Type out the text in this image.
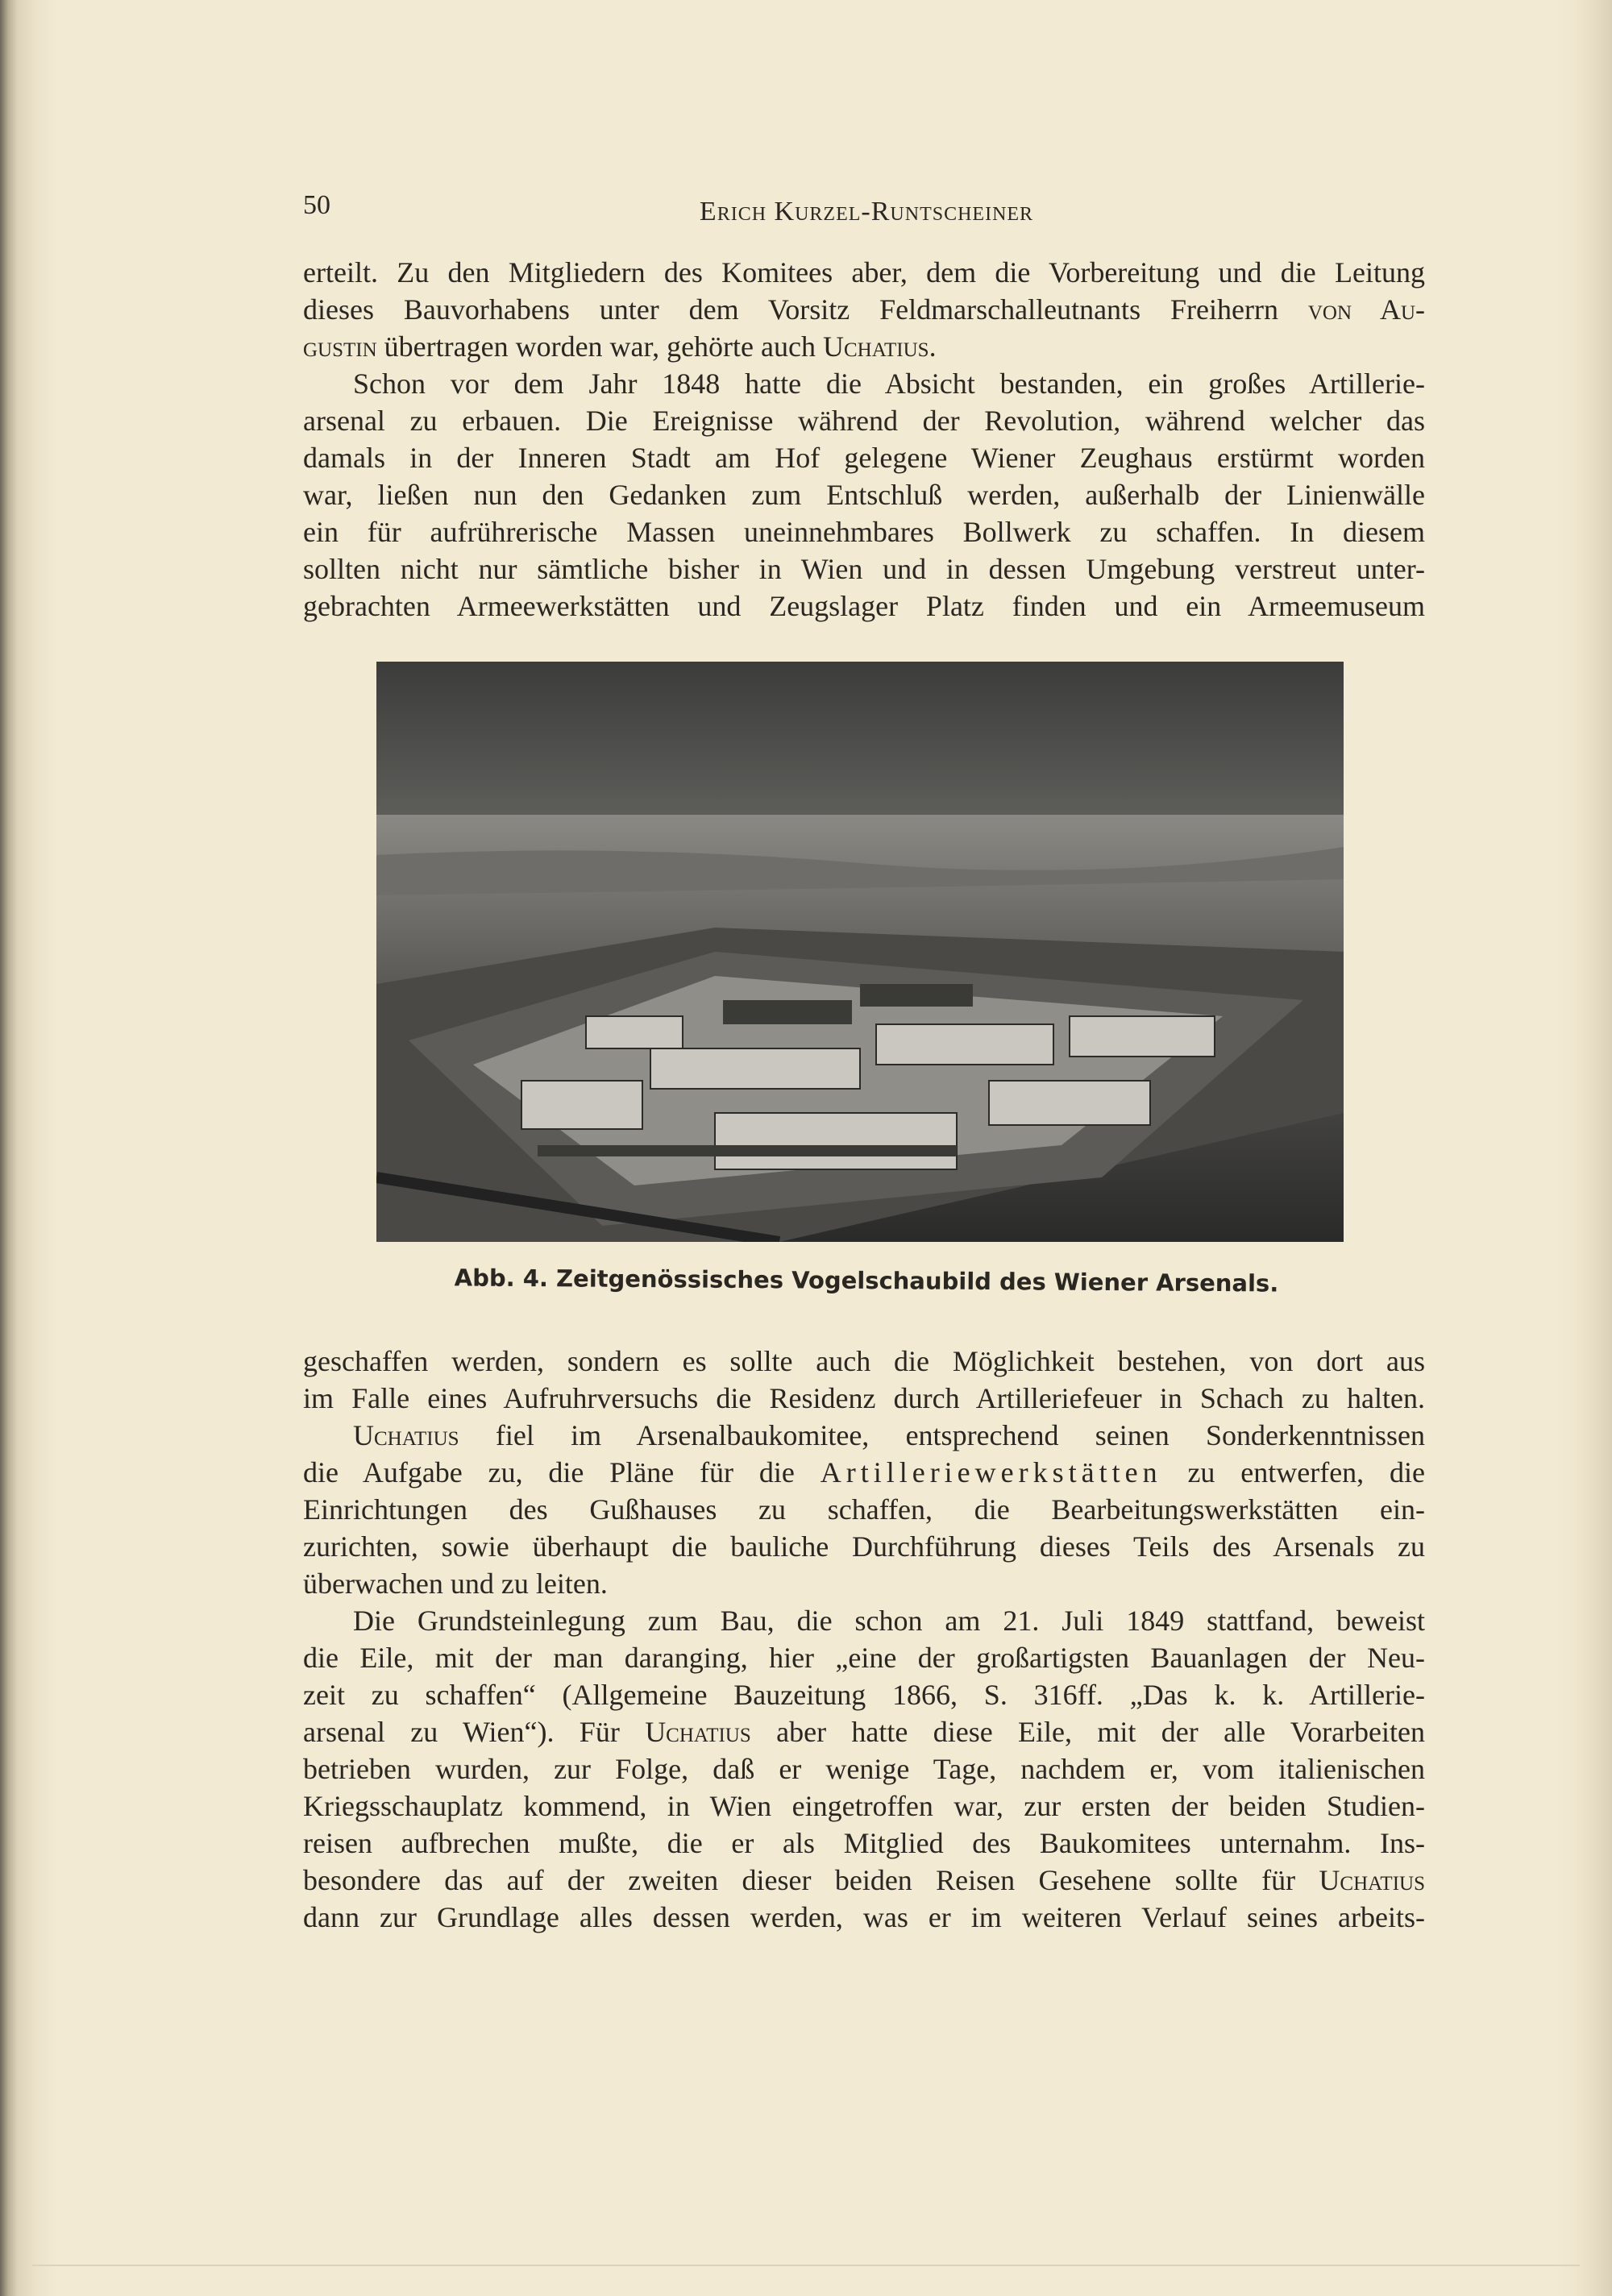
50	Erich Kurzel-Runtscheiner
erteilt. Zu den Mitgliedern des Komitees aber, dem die Vorbereitung und die Leitung
dieses Bauvorhabens unter dem Vorsitz Feldmarschalleutnants Freiherrn von Au-
gustin übertragen worden war, gehörte auch Uchatius.
Schon vor dem Jahr 1848 hatte die Absicht bestanden, ein großes Artillerie-
arsenal zu erbauen. Die Ereignisse während der Revolution, während welcher das
damals in der Inneren Stadt am Hof gelegene Wiener Zeughaus erstürmt worden
war, ließen nun den Gedanken zum Entschluß werden, außerhalb der Linienwälle
ein für aufrührerische Massen uneinnehmbares Bollwerk zu schaffen. In diesem
sollten nicht nur sämtliche bisher in Wien und in dessen Umgebung verstreut unter-
gebrachten Armeewerkstätten und Zeugslager Platz finden und ein Armeemuseum
Abb. 4. Zeitgenössisches Vogelschaubild des Wiener Arsenals.
geschaffen werden, sondern es sollte auch die Möglichkeit bestehen, von dort aus
im Falle eines Aufruhrversuchs die Residenz durch Artilleriefeuer in Schach zu halten.
Uchatius fiel im Arsenalbaukomitee, entsprechend seinen Sonderkenntnissen
die Aufgabe zu, die Pläne für die Artilleriewerkstätten zu entwerfen, die
Einrichtungen des Gußhauses zu schaffen, die Bearbeitungswerkstätten ein-
zurichten, sowie überhaupt die bauliche Durchführung dieses Teils des Arsenals zu
überwachen und zu leiten.
Die Grundsteinlegung zum Bau, die schon am 21. Juli 1849 stattfand, beweist
die Eile, mit der man daranging, hier „eine der großartigsten Bauanlagen der Neu-
zeit zu schaffen“ (Allgemeine Bauzeitung 1866, S. 316ff. „Das k. k. Artillerie-
arsenal zu Wien“). Für Uchatius aber hatte diese Eile, mit der alle Vorarbeiten
betrieben wurden, zur Folge, daß er wenige Tage, nachdem er, vom italienischen
Kriegsschauplatz kommend, in Wien eingetroffen war, zur ersten der beiden Studien-
reisen aufbrechen mußte, die er als Mitglied des Baukomitees unternahm. Ins-
besondere das auf der zweiten dieser beiden Reisen Gesehene sollte für Uchatius
dann zur Grundlage alles dessen werden, was er im weiteren Verlauf seines arbeits-
